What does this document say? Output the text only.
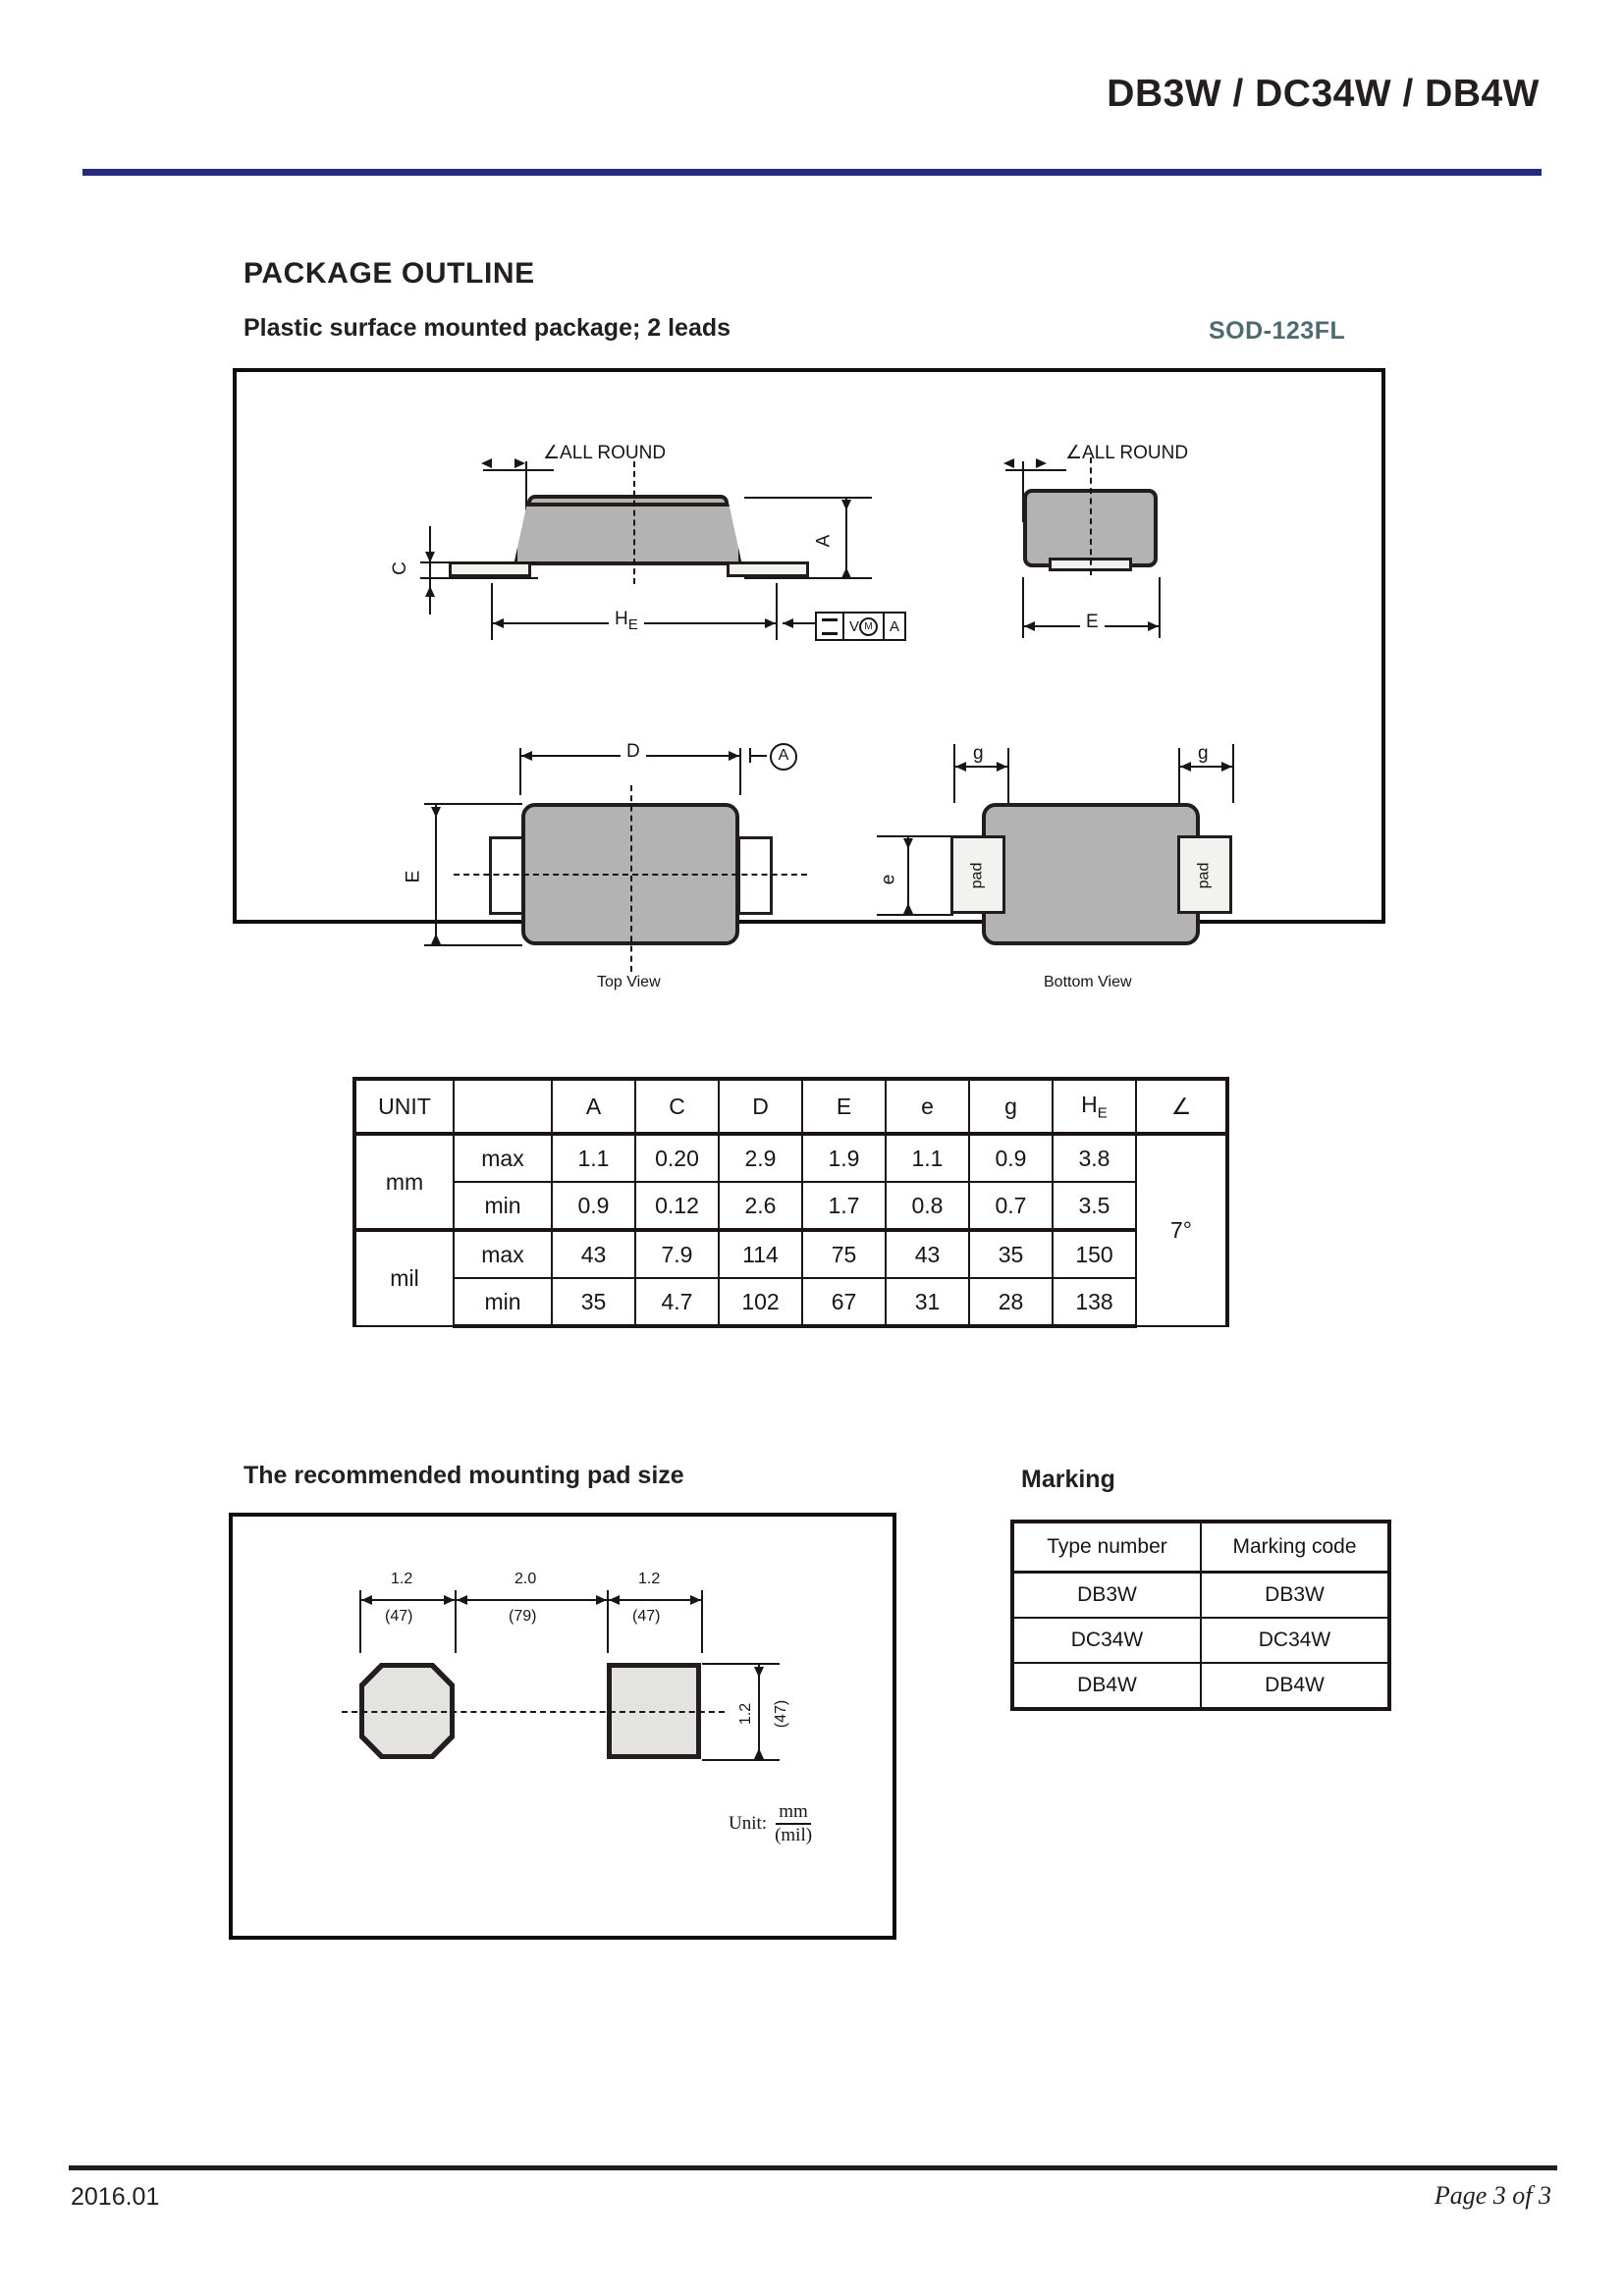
DB3W / DC34W / DB4W
PACKAGE OUTLINE
Plastic surface mounted package; 2 leads	SOD-123FL
∠ALL ROUND
C
A
$H_E$	V M	A
∠ALL ROUND
E
D	A
E
Top View
g	g
pad	pad
e
Bottom View
UNIT		A	C	D	E	e	g	$H_E$	∠
mm	max	1.1	0.20	2.9	1.9	1.1	0.9	3.8	7°
	min	0.9	0.12	2.6	1.7	0.8	0.7	3.5	
mil	max	43	7.9	114	75	43	35	150	
	min	35	4.7	102	67	31	28	138	
The recommended mounting pad size
1.2
(47)
2.0
(79)
1.2
(47)
1.2 (47)
Unit: $\frac{mm}{\text{(mil)}}$
Marking
Type number	Marking code
DB3W	DB3W
DC34W	DC34W
DB4W	DB4W
2016.01	Page 3 of 3
